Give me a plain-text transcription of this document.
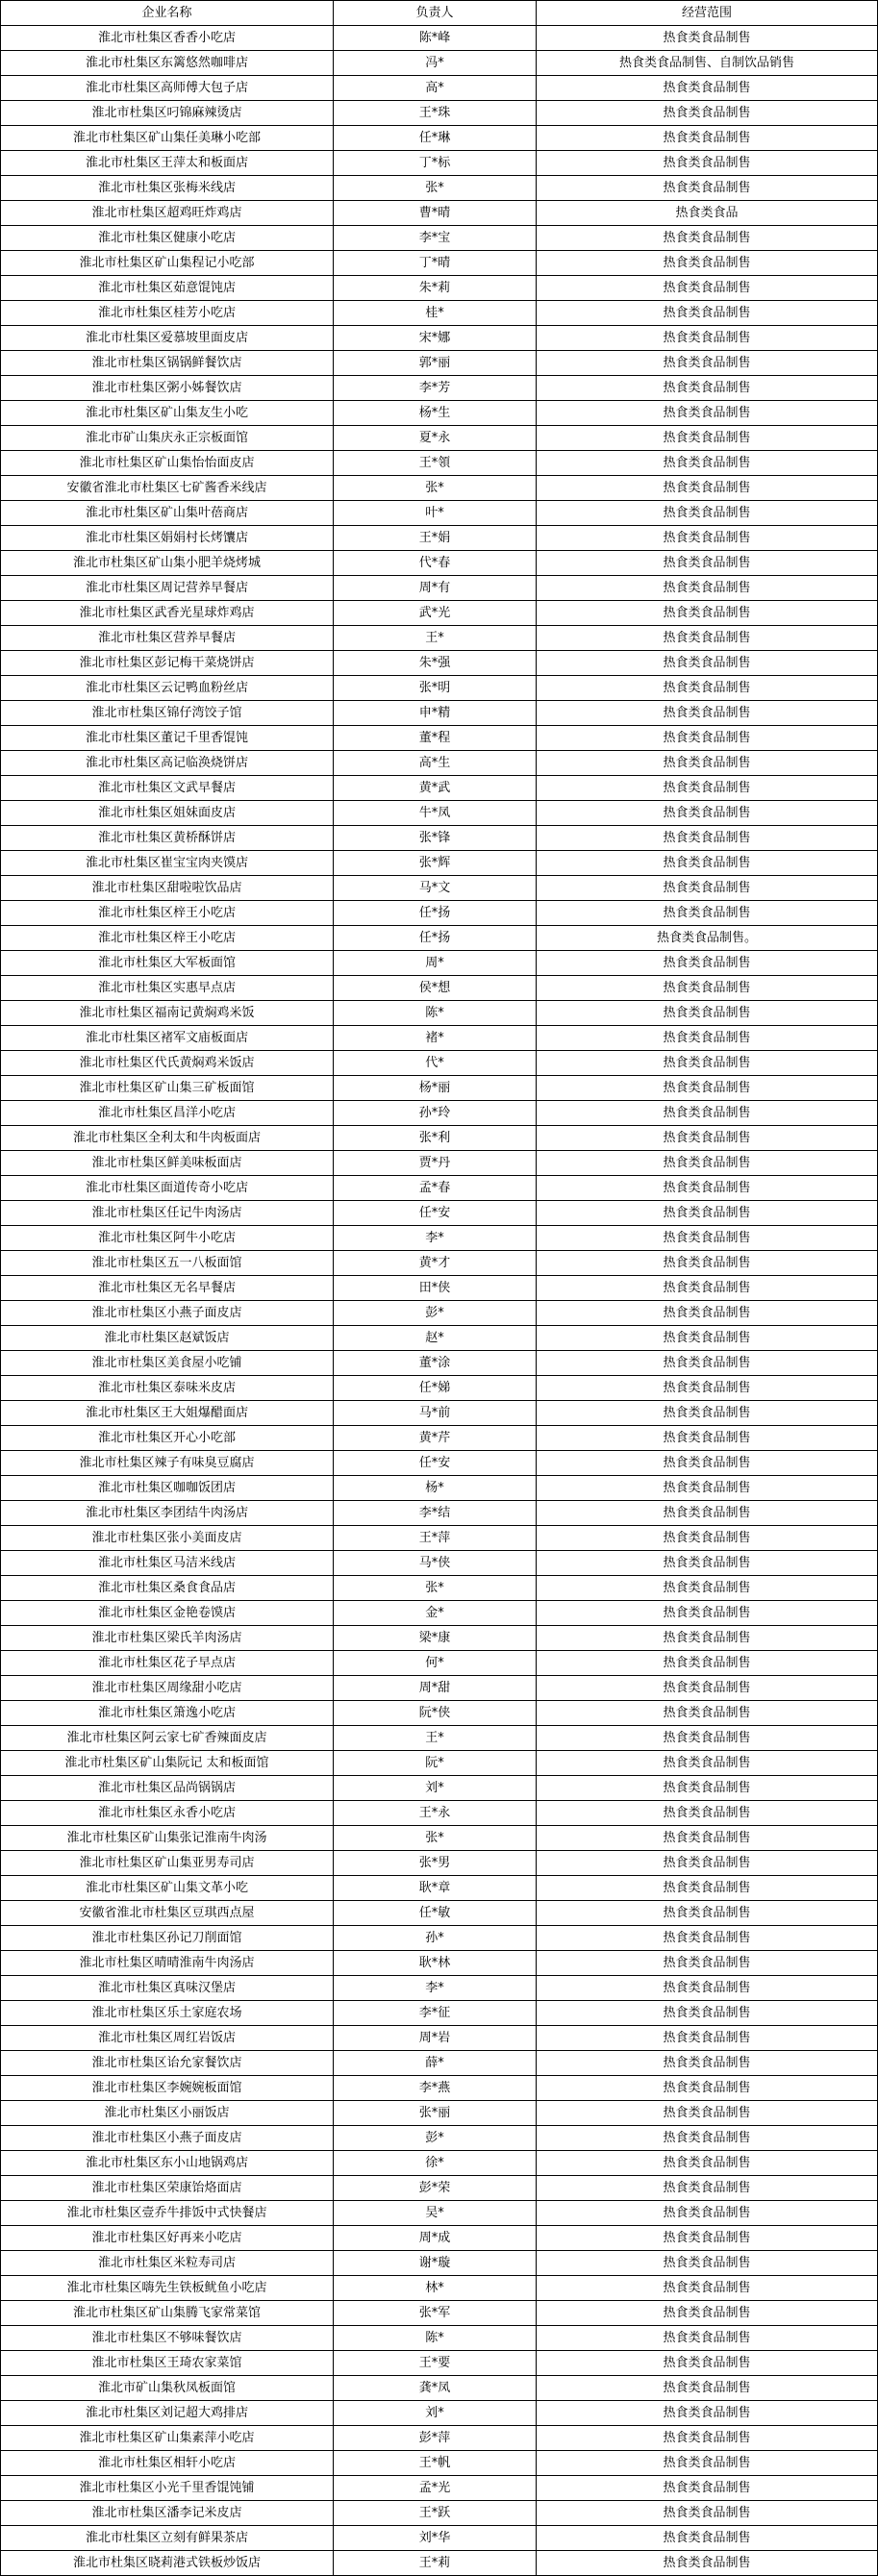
企业名称	负责人	经营范围
淮北市杜集区香香小吃店	陈*峰	热食类食品制售
淮北市杜集区东篱悠然咖啡店	冯*	热食类食品制售、自制饮品销售
淮北市杜集区高师傅大包子店	高*	热食类食品制售
淮北市杜集区叼锦麻辣烫店	王*珠	热食类食品制售
淮北市杜集区矿山集任美琳小吃部	任*琳	热食类食品制售
淮北市杜集区王萍太和板面店	丁*标	热食类食品制售
淮北市杜集区张梅米线店	张*	热食类食品制售
淮北市杜集区超鸡旺炸鸡店	曹*晴	热食类食品
淮北市杜集区健康小吃店	李*宝	热食类食品制售
淮北市杜集区矿山集程记小吃部	丁*晴	热食类食品制售
淮北市杜集区茹意馄饨店	朱*莉	热食类食品制售
淮北市杜集区桂芳小吃店	桂*	热食类食品制售
淮北市杜集区爱慕坡里面皮店	宋*娜	热食类食品制售
淮北市杜集区锅锅鲜餐饮店	郭*丽	热食类食品制售
淮北市杜集区粥小姊餐饮店	李*芳	热食类食品制售
淮北市杜集区矿山集友生小吃	杨*生	热食类食品制售
淮北市矿山集庆永正宗板面馆	夏*永	热食类食品制售
淮北市杜集区矿山集怡怡面皮店	王*領	热食类食品制售
安徽省淮北市杜集区七矿酱香米线店	张*	热食类食品制售
淮北市杜集区矿山集叶蓓商店	叶*	热食类食品制售
淮北市杜集区娟娟村长烤馕店	王*娟	热食类食品制售
淮北市杜集区矿山集小肥羊烧烤城	代*春	热食类食品制售
淮北市杜集区周记营养早餐店	周*有	热食类食品制售
淮北市杜集区武香光星球炸鸡店	武*光	热食类食品制售
淮北市杜集区营养早餐店	王*	热食类食品制售
淮北市杜集区彭记梅干菜烧饼店	朱*强	热食类食品制售
淮北市杜集区云记鸭血粉丝店	张*明	热食类食品制售
淮北市杜集区锦仔湾饺子馆	申*精	热食类食品制售
淮北市杜集区董记千里香馄饨	董*程	热食类食品制售
淮北市杜集区高记临涣烧饼店	高*生	热食类食品制售
淮北市杜集区文武早餐店	黄*武	热食类食品制售
淮北市杜集区姐妹面皮店	牛*凤	热食类食品制售
淮北市杜集区黄桥酥饼店	张*锋	热食类食品制售
淮北市杜集区崔宝宝肉夹馍店	张*辉	热食类食品制售
淮北市杜集区甜啦啦饮品店	马*文	热食类食品制售
淮北市杜集区梓王小吃店	任*扬	热食类食品制售
淮北市杜集区梓王小吃店	任*扬	热食类食品制售。
淮北市杜集区大军板面馆	周*	热食类食品制售
淮北市杜集区实惠早点店	侯*想	热食类食品制售
淮北市杜集区福南记黄焖鸡米饭	陈*	热食类食品制售
淮北市杜集区褚军文庙板面店	褚*	热食类食品制售
淮北市杜集区代氏黄焖鸡米饭店	代*	热食类食品制售
淮北市杜集区矿山集三矿板面馆	杨*丽	热食类食品制售
淮北市杜集区昌洋小吃店	孙*玲	热食类食品制售
淮北市杜集区全利太和牛肉板面店	张*利	热食类食品制售
淮北市杜集区鲜美味板面店	贾*丹	热食类食品制售
淮北市杜集区面道传奇小吃店	孟*春	热食类食品制售
淮北市杜集区任记牛肉汤店	任*安	热食类食品制售
淮北市杜集区阿牛小吃店	李*	热食类食品制售
淮北市杜集区五一八板面馆	黄*才	热食类食品制售
淮北市杜集区无名早餐店	田*侠	热食类食品制售
淮北市杜集区小燕子面皮店	彭*	热食类食品制售
淮北市杜集区赵斌饭店	赵*	热食类食品制售
淮北市杜集区美食屋小吃铺	董*涂	热食类食品制售
淮北市杜集区泰味米皮店	任*娣	热食类食品制售
淮北市杜集区王大姐爆醋面店	马*前	热食类食品制售
淮北市杜集区开心小吃部	黄*芹	热食类食品制售
淮北市杜集区辣子有味臭豆腐店	任*安	热食类食品制售
淮北市杜集区咖咖饭团店	杨*	热食类食品制售
淮北市杜集区李团结牛肉汤店	李*结	热食类食品制售
淮北市杜集区张小美面皮店	王*萍	热食类食品制售
淮北市杜集区马洁米线店	马*侠	热食类食品制售
淮北市杜集区桑食食品店	张*	热食类食品制售
淮北市杜集区金艳卷馍店	金*	热食类食品制售
淮北市杜集区梁氏羊肉汤店	梁*康	热食类食品制售
淮北市杜集区花子早点店	何*	热食类食品制售
淮北市杜集区周缘甜小吃店	周*甜	热食类食品制售
淮北市杜集区箫逸小吃店	阮*侠	热食类食品制售
淮北市杜集区阿云家七矿香辣面皮店	王*	热食类食品制售
淮北市杜集区矿山集阮记 太和板面馆	阮*	热食类食品制售
淮北市杜集区品尚锅锅店	刘*	热食类食品制售
淮北市杜集区永香小吃店	王*永	热食类食品制售
淮北市杜集区矿山集张记淮南牛肉汤	张*	热食类食品制售
淮北市杜集区矿山集亚男寿司店	张*男	热食类食品制售
淮北市杜集区矿山集文革小吃	耿*章	热食类食品制售
安徽省淮北市杜集区豆琪西点屋	任*敏	热食类食品制售
淮北市杜集区孙记刀削面馆	孙*	热食类食品制售
淮北市杜集区晴晴淮南牛肉汤店	耿*林	热食类食品制售
淮北市杜集区真味汉堡店	李*	热食类食品制售
淮北市杜集区乐土家庭农场	李*征	热食类食品制售
淮北市杜集区周红岩饭店	周*岩	热食类食品制售
淮北市杜集区诒允家餐饮店	薛*	热食类食品制售
淮北市杜集区李婉婉板面馆	李*燕	热食类食品制售
淮北市杜集区小丽饭店	张*丽	热食类食品制售
淮北市杜集区小燕子面皮店	彭*	热食类食品制售
淮北市杜集区东小山地锅鸡店	徐*	热食类食品制售
淮北市杜集区荣康饴烙面店	彭*荣	热食类食品制售
淮北市杜集区壹乔牛排饭中式快餐店	吴*	热食类食品制售
淮北市杜集区好再来小吃店	周*成	热食类食品制售
淮北市杜集区米粒寿司店	谢*璇	热食类食品制售
淮北市杜集区嗨先生铁板鱿鱼小吃店	林*	热食类食品制售
淮北市杜集区矿山集腾飞家常菜馆	张*军	热食类食品制售
淮北市杜集区不够味餐饮店	陈*	热食类食品制售
淮北市杜集区王琦农家菜馆	王*要	热食类食品制售
淮北市矿山集秋凤板面馆	龚*凤	热食类食品制售
淮北市杜集区刘记超大鸡排店	刘*	热食类食品制售
淮北市杜集区矿山集素萍小吃店	彭*萍	热食类食品制售
淮北市杜集区相轩小吃店	王*帆	热食类食品制售
淮北市杜集区小光千里香馄饨铺	孟*光	热食类食品制售
淮北市杜集区潘李记米皮店	王*跃	热食类食品制售
淮北市杜集区立刻有鲜果茶店	刘*华	热食类食品制售
淮北市杜集区晓莉港式铁板炒饭店	王*莉	热食类食品制售
